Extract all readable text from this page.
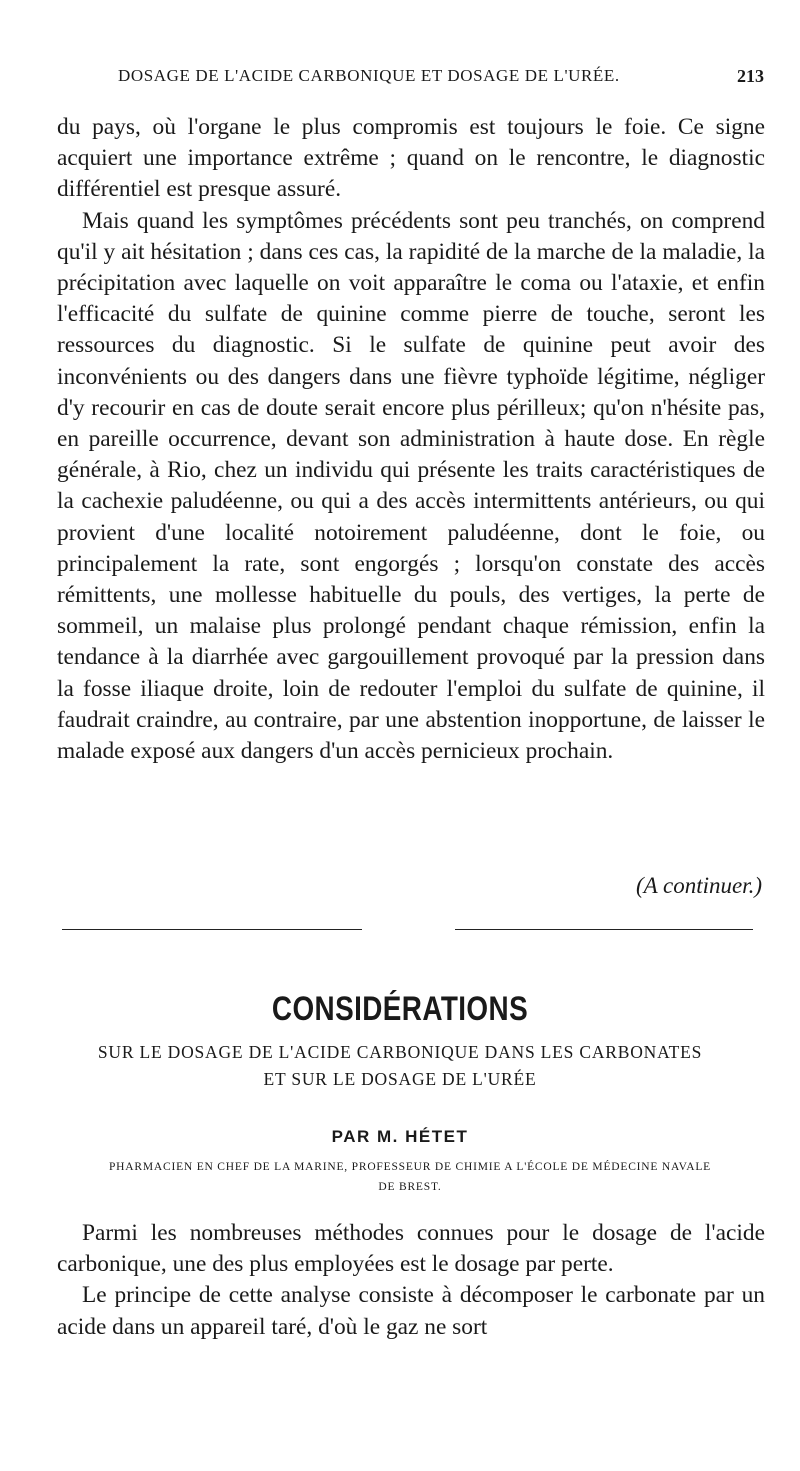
DOSAGE DE L'ACIDE CARBONIQUE ET DOSAGE DE L'URÉE.	213

du pays, où l'organe le plus compromis est toujours le foie. Ce signe acquiert une importance extrême ; quand on le rencontre, le diagnostic différentiel est presque assuré.

Mais quand les symptômes précédents sont peu tranchés, on comprend qu'il y ait hésitation ; dans ces cas, la rapidité de la marche de la maladie, la précipitation avec laquelle on voit apparaître le coma ou l'ataxie, et enfin l'efficacité du sulfate de quinine comme pierre de touche, seront les ressources du diagnostic. Si le sulfate de quinine peut avoir des inconvénients ou des dangers dans une fièvre typhoïde légitime, négliger d'y recourir en cas de doute serait encore plus périlleux; qu'on n'hésite pas, en pareille occurrence, devant son administration à haute dose. En règle générale, à Rio, chez un individu qui présente les traits caractéristiques de la cachexie paludéenne, ou qui a des accès intermittents antérieurs, ou qui provient d'une localité notoirement paludéenne, dont le foie, ou principalement la rate, sont engorgés ; lorsqu'on constate des accès rémittents, une mollesse habituelle du pouls, des vertiges, la perte de sommeil, un malaise plus prolongé pendant chaque rémission, enfin la tendance à la diarrhée avec gargouillement provoqué par la pression dans la fosse iliaque droite, loin de redouter l'emploi du sulfate de quinine, il faudrait craindre, au contraire, par une abstention inopportune, de laisser le malade exposé aux dangers d'un accès pernicieux prochain.

(A continuer.)
CONSIDÉRATIONS
SUR LE DOSAGE DE L'ACIDE CARBONIQUE DANS LES CARBONATES
ET SUR LE DOSAGE DE L'URÉE
PAR M. HÉTET
PHARMACIEN EN CHEF DE LA MARINE, PROFESSEUR DE CHIMIE A L'ÉCOLE DE MÉDECINE NAVALE
DE BREST.

Parmi les nombreuses méthodes connues pour le dosage de l'acide carbonique, une des plus employées est le dosage par perte.

Le principe de cette analyse consiste à décomposer le carbonate par un acide dans un appareil taré, d'où le gaz ne sort
